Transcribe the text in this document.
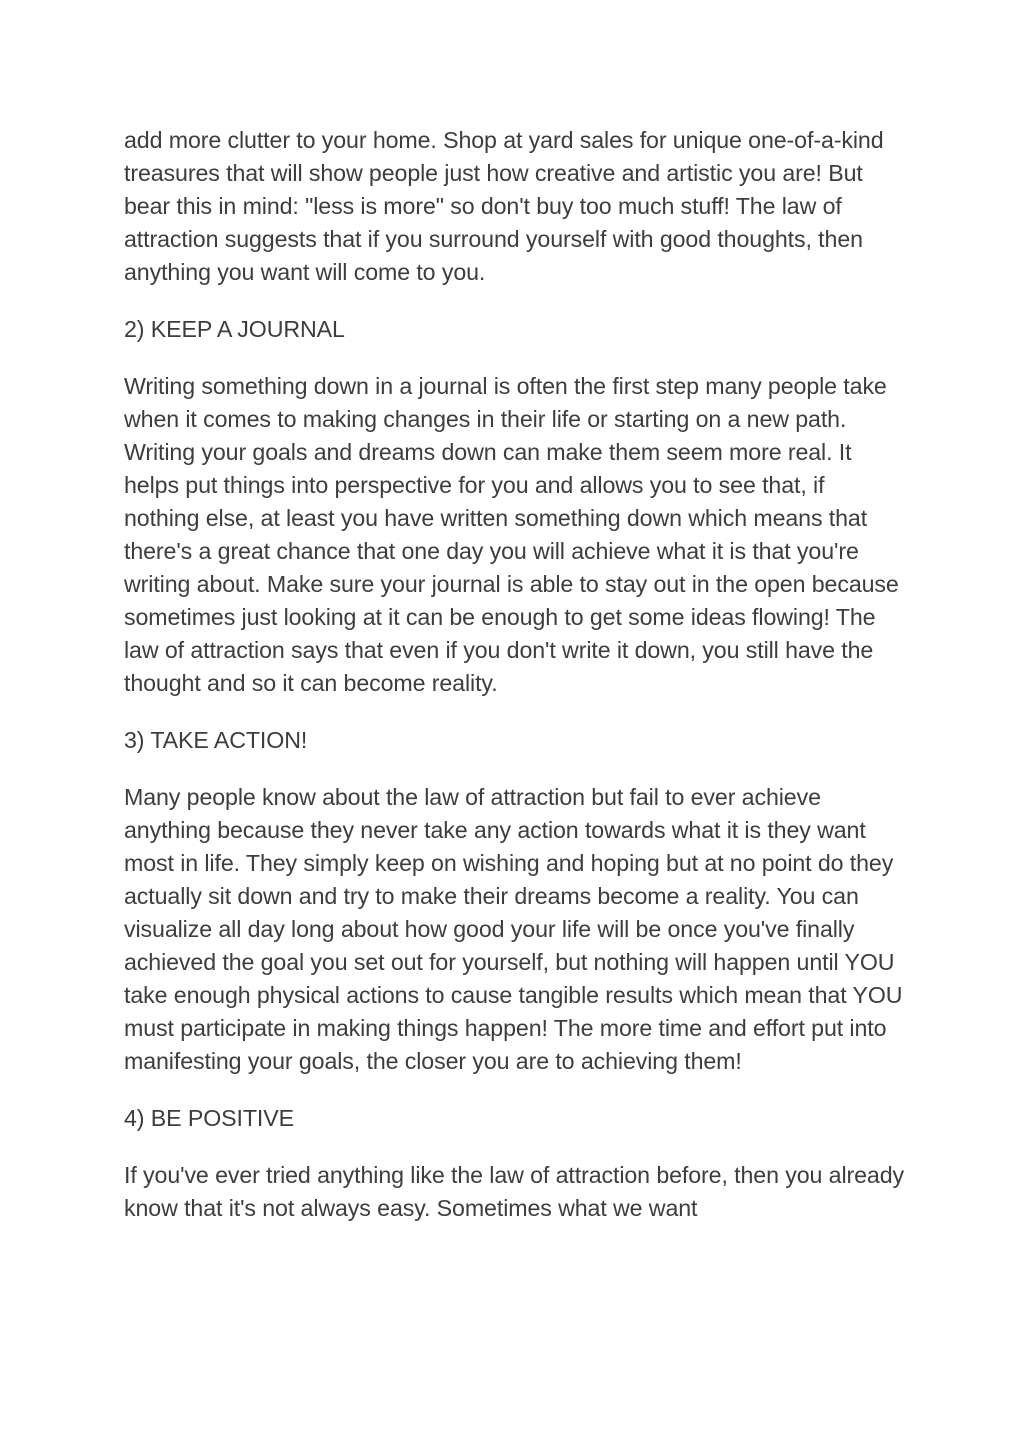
add more clutter to your home. Shop at yard sales for unique one-of-a-kind treasures that will show people just how creative and artistic you are! But bear this in mind: "less is more" so don't buy too much stuff! The law of attraction suggests that if you surround yourself with good thoughts, then anything you want will come to you.

2) KEEP A JOURNAL

Writing something down in a journal is often the first step many people take when it comes to making changes in their life or starting on a new path. Writing your goals and dreams down can make them seem more real. It helps put things into perspective for you and allows you to see that, if nothing else, at least you have written something down which means that there's a great chance that one day you will achieve what it is that you're writing about. Make sure your journal is able to stay out in the open because sometimes just looking at it can be enough to get some ideas flowing! The law of attraction says that even if you don't write it down, you still have the thought and so it can become reality.

3) TAKE ACTION!

Many people know about the law of attraction but fail to ever achieve anything because they never take any action towards what it is they want most in life. They simply keep on wishing and hoping but at no point do they actually sit down and try to make their dreams become a reality. You can visualize all day long about how good your life will be once you've finally achieved the goal you set out for yourself, but nothing will happen until YOU take enough physical actions to cause tangible results which mean that YOU must participate in making things happen! The more time and effort put into manifesting your goals, the closer you are to achieving them!

4) BE POSITIVE

If you've ever tried anything like the law of attraction before, then you already know that it's not always easy. Sometimes what we want
